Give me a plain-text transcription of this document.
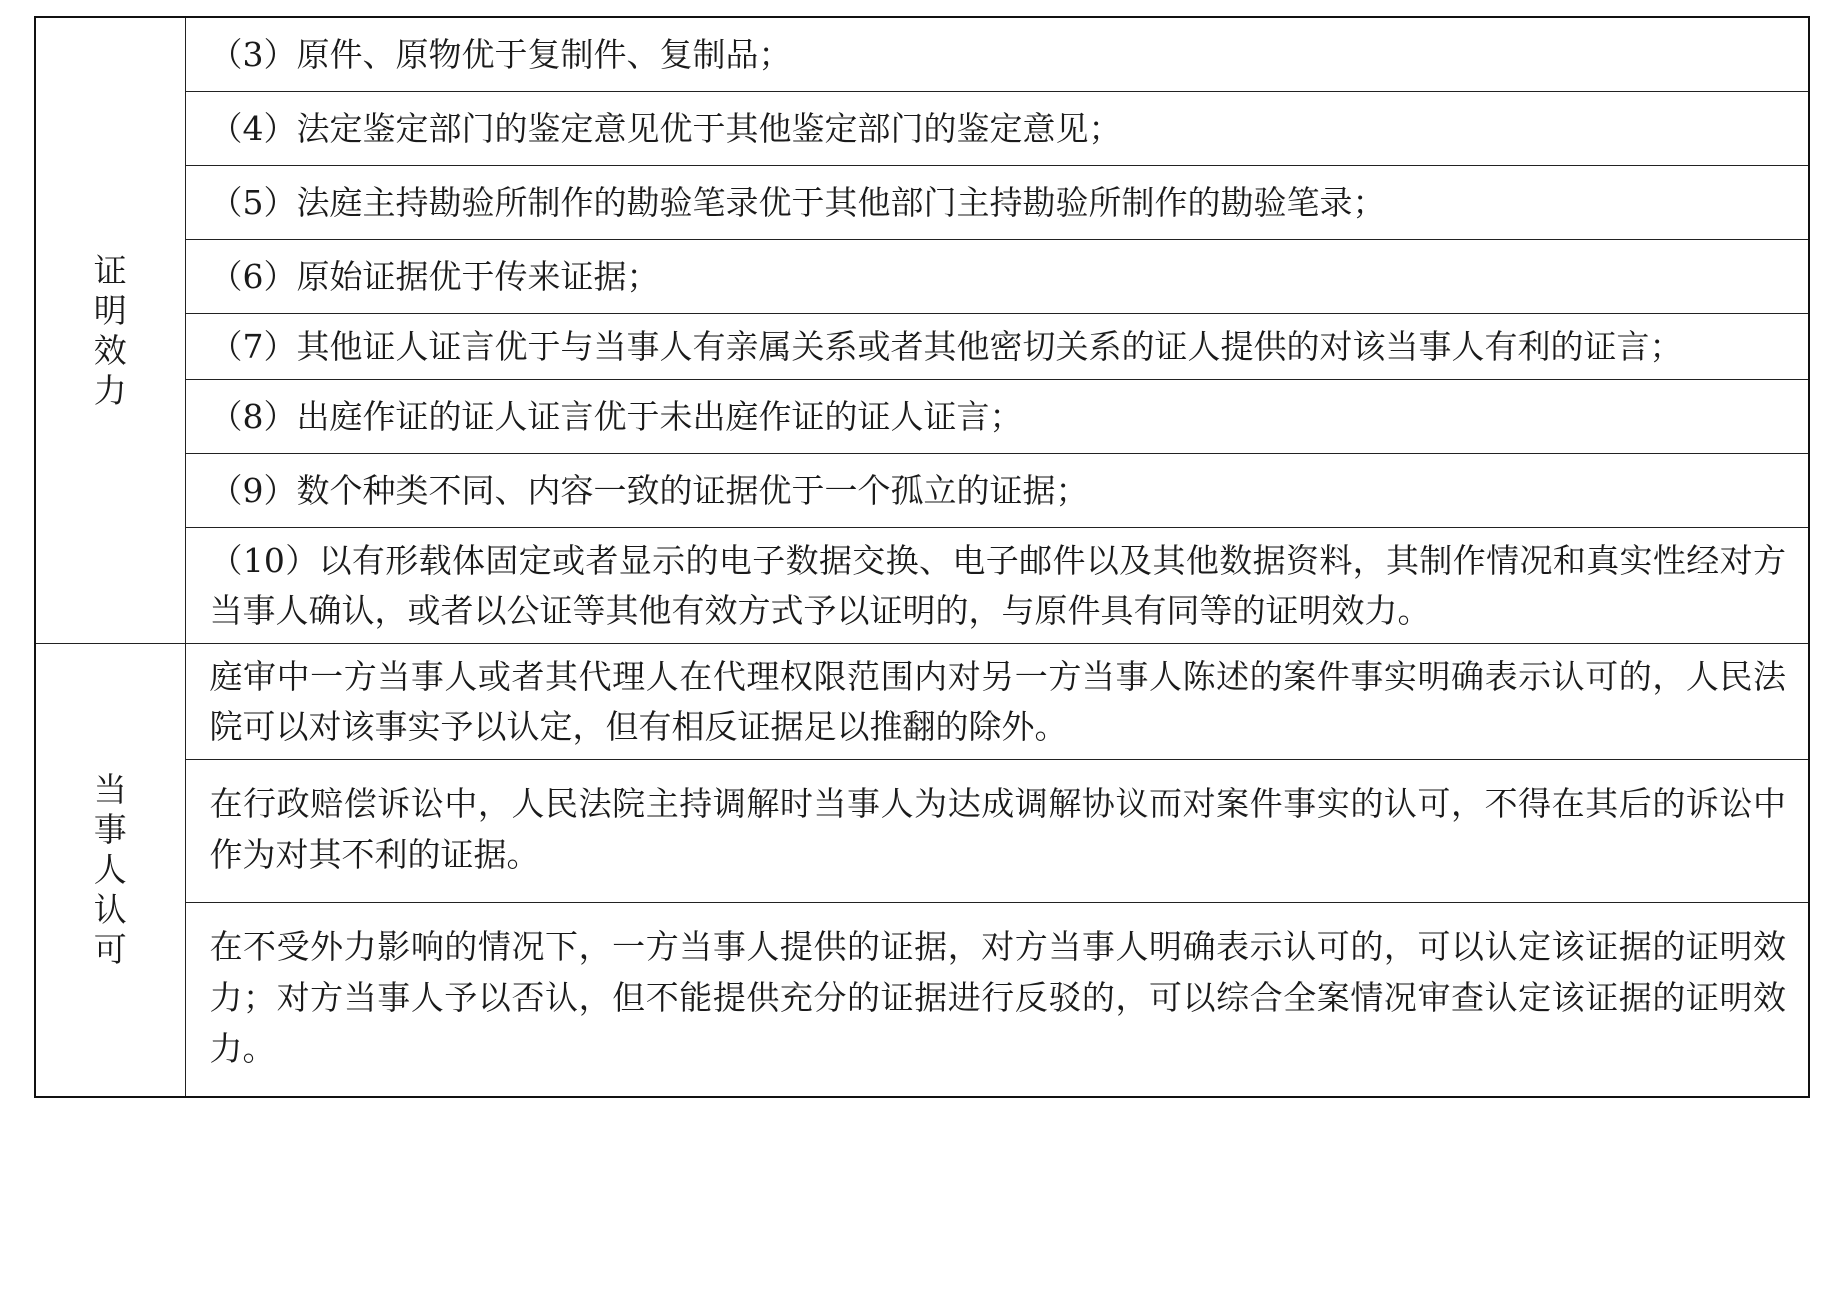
证明效力	（3）原件、原物优于复制件、复制品；
	（4）法定鉴定部门的鉴定意见优于其他鉴定部门的鉴定意见；
	（5）法庭主持勘验所制作的勘验笔录优于其他部门主持勘验所制作的勘验笔录；
	（6）原始证据优于传来证据；
	（7）其他证人证言优于与当事人有亲属关系或者其他密切关系的证人提供的对该当事人有利的证言；
	（8）出庭作证的证人证言优于未出庭作证的证人证言；
	（9）数个种类不同、内容一致的证据优于一个孤立的证据；
	（10）以有形载体固定或者显示的电子数据交换、电子邮件以及其他数据资料，其制作情况和真实性经对方当事人确认，或者以公证等其他有效方式予以证明的，与原件具有同等的证明效力。
当事人认可	庭审中一方当事人或者其代理人在代理权限范围内对另一方当事人陈述的案件事实明确表示认可的，人民法院可以对该事实予以认定，但有相反证据足以推翻的除外。
	在行政赔偿诉讼中，人民法院主持调解时当事人为达成调解协议而对案件事实的认可，不得在其后的诉讼中作为对其不利的证据。
	在不受外力影响的情况下，一方当事人提供的证据，对方当事人明确表示认可的，可以认定该证据的证明效力；对方当事人予以否认，但不能提供充分的证据进行反驳的，可以综合全案情况审查认定该证据的证明效力。
